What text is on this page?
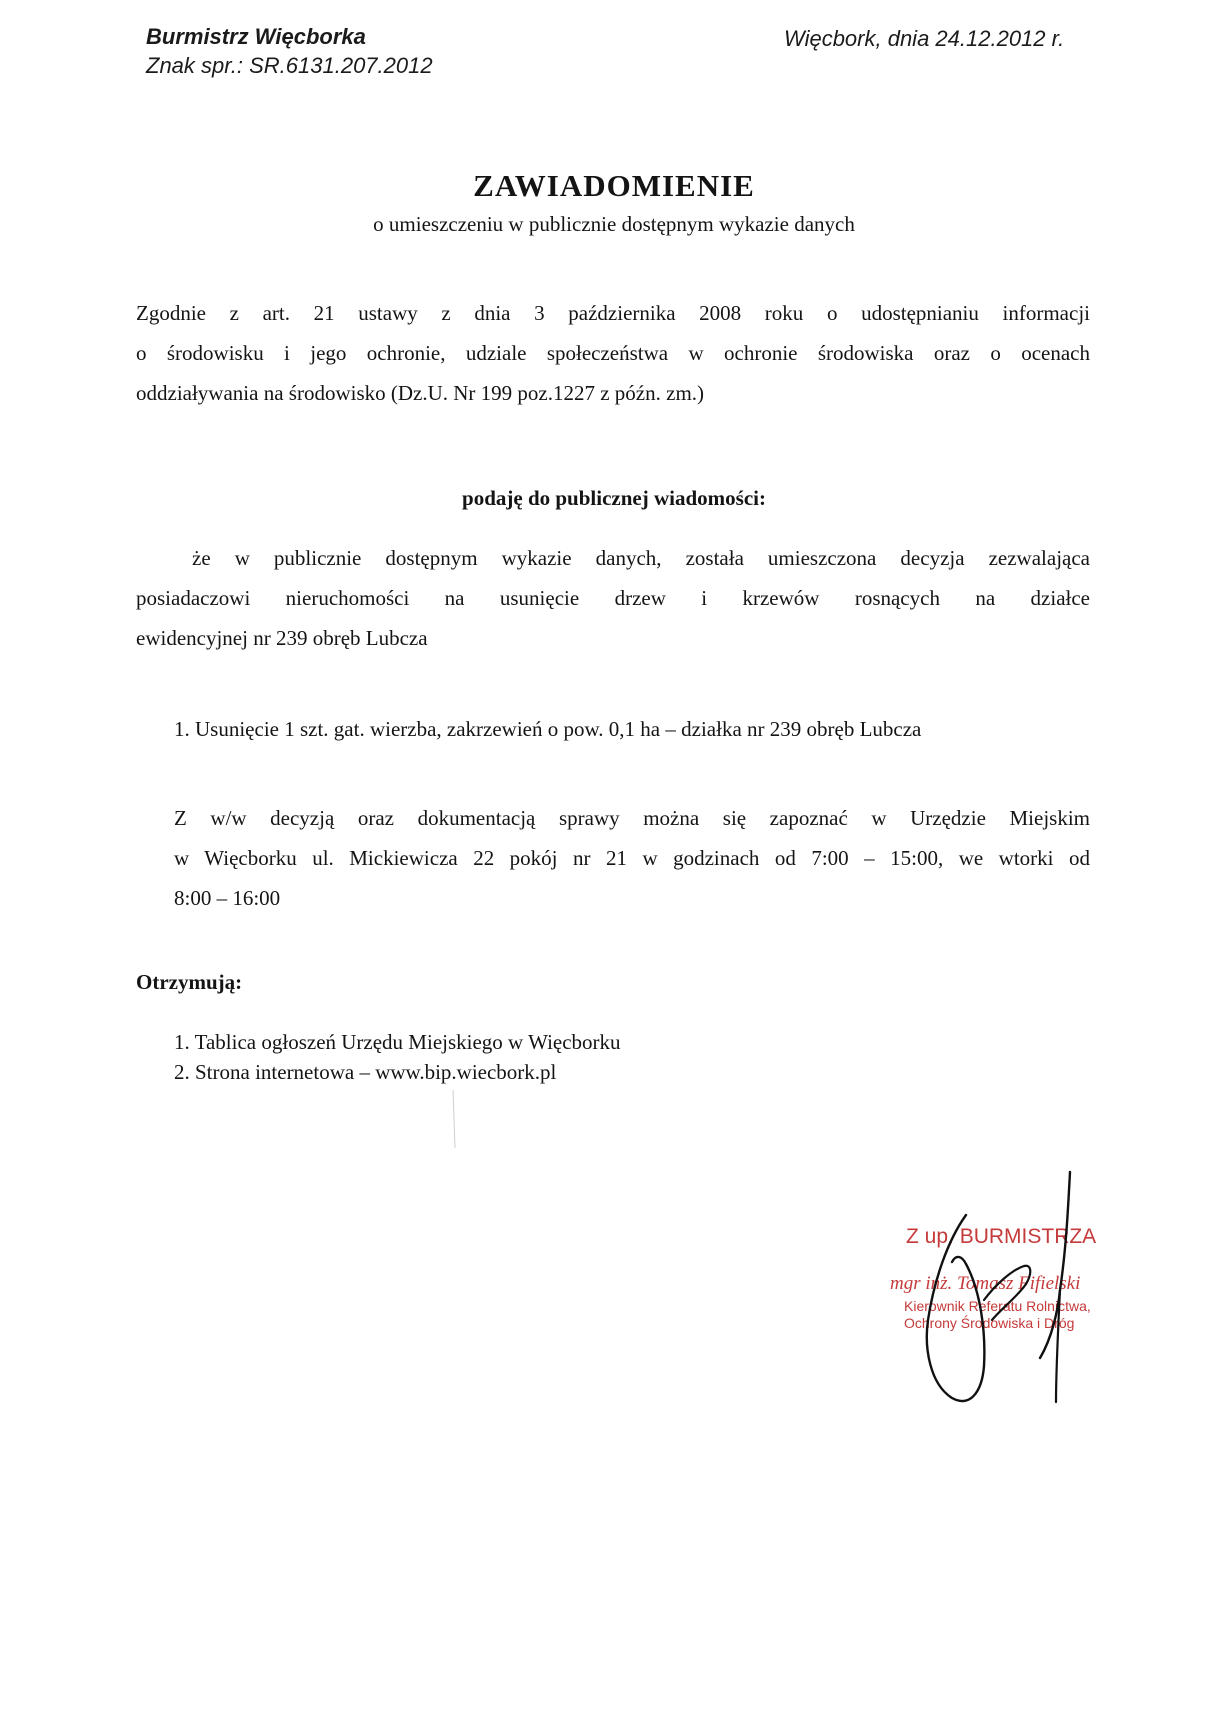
Burmistrz Więcborka
Znak spr.: SR.6131.207.2012
Więcbork, dnia 24.12.2012 r.
ZAWIADOMIENIE
o umieszczeniu w publicznie dostępnym wykazie danych
Zgodnie z art. 21 ustawy z dnia 3 października 2008 roku o udostępnianiu informacji
o środowisku i jego ochronie, udziale społeczeństwa w ochronie środowiska oraz o ocenach
oddziaływania na środowisko (Dz.U. Nr 199 poz.1227 z późn. zm.)
podaję do publicznej wiadomości:
że w publicznie dostępnym wykazie danych, została umieszczona decyzja zezwalająca
posiadaczowi nieruchomości na usunięcie drzew i krzewów rosnących na działce
ewidencyjnej nr 239 obręb Lubcza
1. Usunięcie 1 szt. gat. wierzba, zakrzewień o pow. 0,1 ha – działka nr 239 obręb Lubcza
Z w/w decyzją oraz dokumentacją sprawy można się zapoznać w Urzędzie Miejskim
w Więcborku ul. Mickiewicza 22 pokój nr 21 w godzinach od 7:00 – 15:00, we wtorki od
8:00 – 16:00
Otrzymują:
1. Tablica ogłoszeń Urzędu Miejskiego w Więcborku
2. Strona internetowa – www.bip.wiecbork.pl
Z up. BURMISTRZA
mgr inż. Tomasz Fifielski
Kierownik Referatu Rolnictwa,
Ochrony Środowiska i Dróg
